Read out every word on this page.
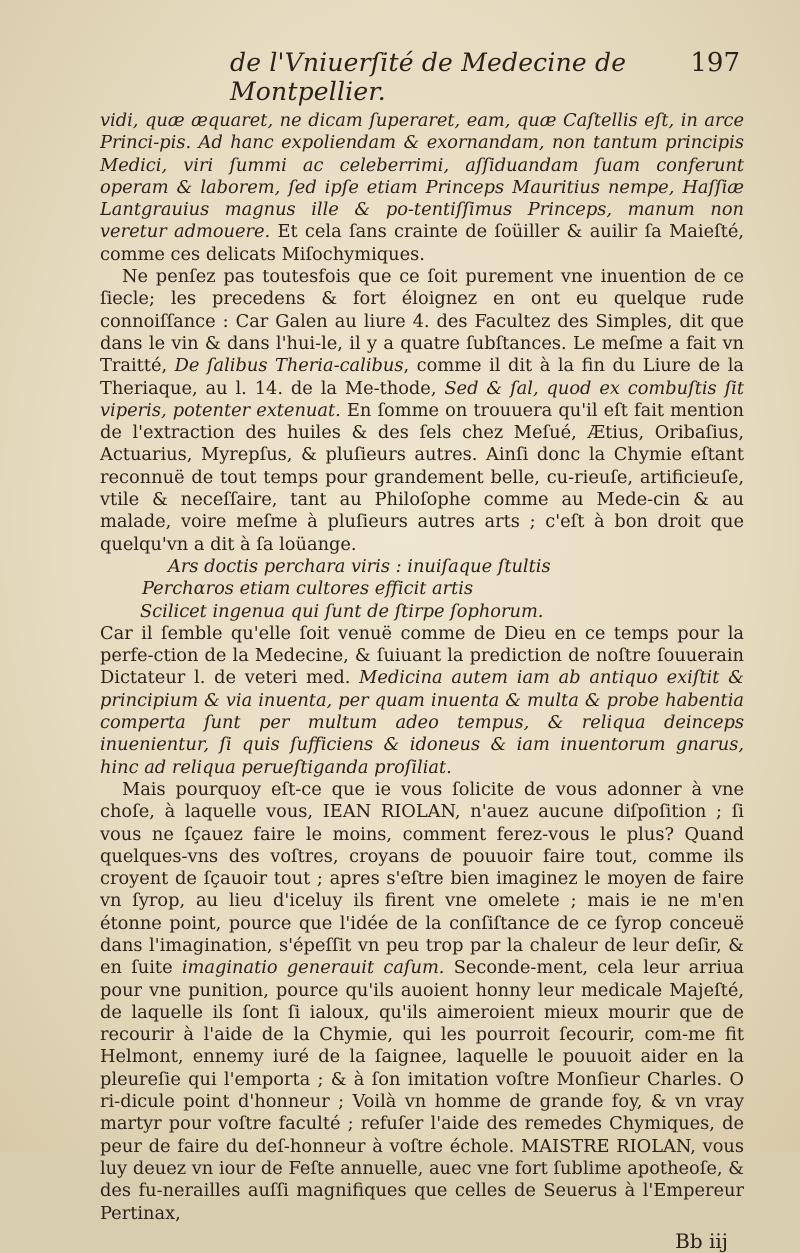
de l'Vniuerſité de Medecine de Montpellier.
197

vidi, quæ æquaret, ne dicam ſuperaret, eam, quæ Caſtellis eſt, in arce Princi-pis. Ad hanc expoliendam & exornandam, non tantum principis Medici, viri ſummi ac celeberrimi, aſſiduandam ſuam conferunt operam & laborem, ſed ipſe etiam Princeps Mauritius nempe, Haſſiæ Lantgrauius magnus ille & po-tentiſſimus Princeps, manum non veretur admouere. Et cela ſans crainte de ſoüiller & auilir ſa Maieſté, comme ces delicats Miſochymiques.

Ne penſez pas toutesfois que ce ſoit purement vne inuention de ce ſiecle; les precedens & fort éloignez en ont eu quelque rude connoiſſance : Car Galen au liure 4. des Facultez des Simples, dit que dans le vin & dans l'hui-le, il y a quatre ſubſtances. Le meſme a fait vn Traitté, De ſalibus Theria-calibus, comme il dit à la fin du Liure de la Theriaque, au l. 14. de la Me-thode, Sed & ſal, quod ex combuſtis ſit viperis, potenter extenuat. En ſomme on trouuera qu'il eſt fait mention de l'extraction des huiles & des ſels chez Meſué, Ætius, Oribaſius, Actuarius, Myrepſus, & pluſieurs autres. Ainſi donc la Chymie eſtant reconnuë de tout temps pour grandement belle, cu-rieuſe, artificieuſe, vtile & neceſſaire, tant au Philoſophe comme au Mede-cin & au malade, voire meſme à pluſieurs autres arts ; c'eſt à bon droit que quelqu'vn a dit à ſa loüange.

Ars doctis perchara viris : inuiſaque ſtultis
Perchαros etiam cultores efficit artis
Scilicet ingenua qui ſunt de ſtirpe ſophorum.

Car il ſemble qu'elle ſoit venuë comme de Dieu en ce temps pour la perfe-ction de la Medecine, & ſuiuant la prediction de noſtre ſouuerain Dictateur l. de veteri med. Medicina autem iam ab antiquo exiſtit & principium & via inuenta, per quam inuenta & multa & probe habentia comperta ſunt per multum adeo tempus, & reliqua deinceps inuenientur, ſi quis ſufficiens & idoneus & iam inuentorum gnarus, hinc ad reliqua perueſtiganda proſiliat.

Mais pourquoy eſt-ce que ie vous ſolicite de vous adonner à vne choſe, à laquelle vous, IEAN RIOLAN, n'auez aucune diſpoſition ; ſi vous ne ſçauez faire le moins, comment ferez-vous le plus? Quand quelques-vns des voſtres, croyans de pouuoir faire tout, comme ils croyent de ſçauoir tout ; apres s'eſtre bien imaginez le moyen de faire vn ſyrop, au lieu d'iceluy ils firent vne omelete ; mais ie ne m'en étonne point, pource que l'idée de la conſiſtance de ce ſyrop conceuë dans l'imagination, s'épeſſit vn peu trop par la chaleur de leur deſir, & en ſuite imaginatio generauit caſum. Seconde-ment, cela leur arriua pour vne punition, pource qu'ils auoient honny leur medicale Majeſté, de laquelle ils ſont ſi ialoux, qu'ils aimeroient mieux mourir que de recourir à l'aide de la Chymie, qui les pourroit ſecourir, com-me fit Helmont, ennemy iuré de la ſaignee, laquelle le pouuoit aider en la pleureſie qui l'emporta ; & à ſon imitation voſtre Monſieur Charles. O ri-dicule point d'honneur ; Voilà vn homme de grande foy, & vn vray martyr pour voſtre faculté ; refuſer l'aide des remedes Chymiques, de peur de faire du deſ-honneur à voſtre échole. MAISTRE RIOLAN, vous luy deuez vn iour de Feſte annuelle, auec vne fort ſublime apotheoſe, & des fu-nerailles auſſi magnifiques que celles de Seuerus à l'Empereur Pertinax,

Bb iij
